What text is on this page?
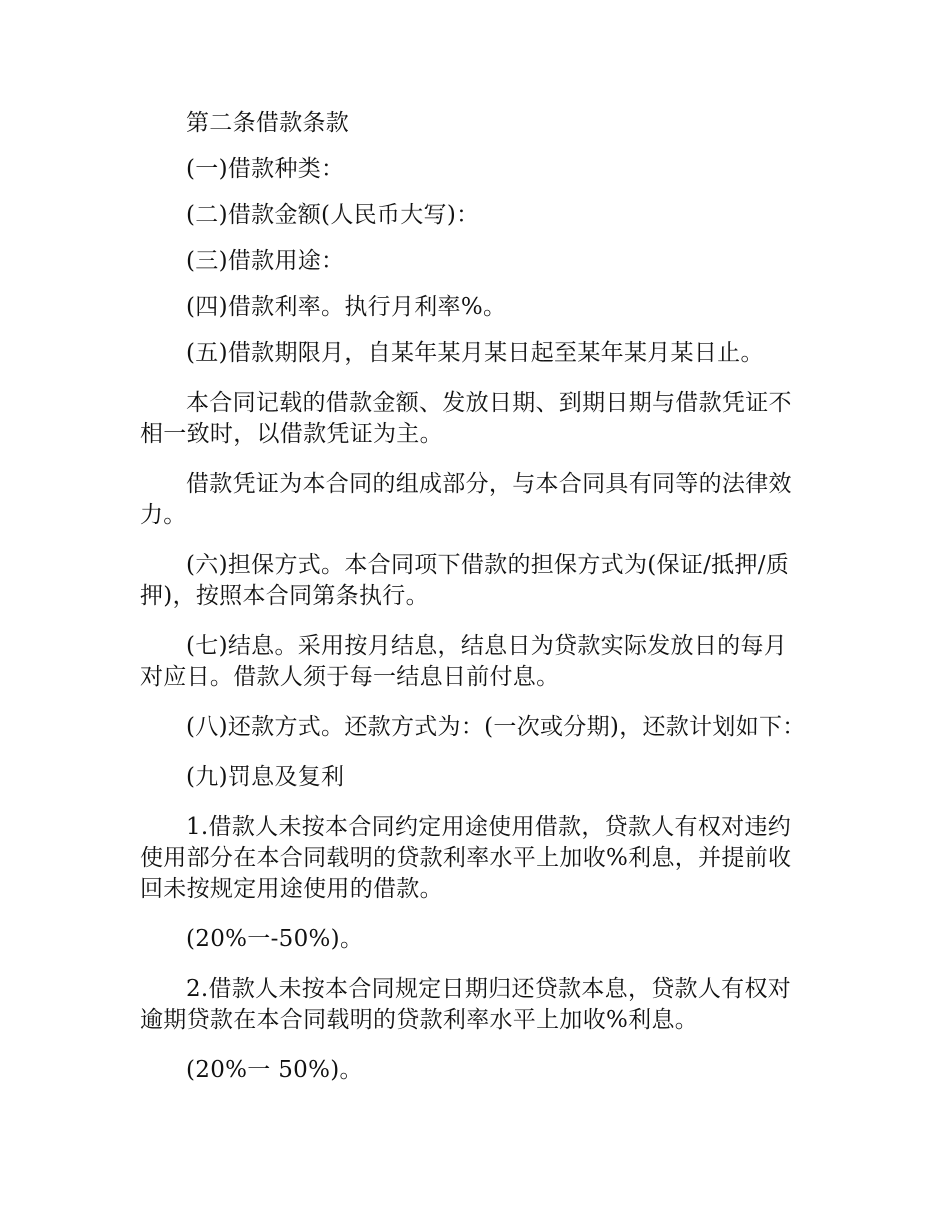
第二条借款条款

(一)借款种类：

(二)借款金额(人民币大写)：

(三)借款用途：

(四)借款利率。执行月利率%。

(五)借款期限月，自某年某月某日起至某年某月某日止。

本合同记载的借款金额、发放日期、到期日期与借款凭证不相一致时，以借款凭证为主。

借款凭证为本合同的组成部分，与本合同具有同等的法律效力。

(六)担保方式。本合同项下借款的担保方式为(保证/抵押/质押)，按照本合同第条执行。

(七)结息。采用按月结息，结息日为贷款实际发放日的每月对应日。借款人须于每一结息日前付息。

(八)还款方式。还款方式为：(一次或分期)，还款计划如下：

(九)罚息及复利

1.借款人未按本合同约定用途使用借款，贷款人有权对违约使用部分在本合同载明的贷款利率水平上加收%利息，并提前收回未按规定用途使用的借款。

(20%一-50%)。

2.借款人未按本合同规定日期归还贷款本息，贷款人有权对逾期贷款在本合同载明的贷款利率水平上加收%利息。

(20%一 50%)。
